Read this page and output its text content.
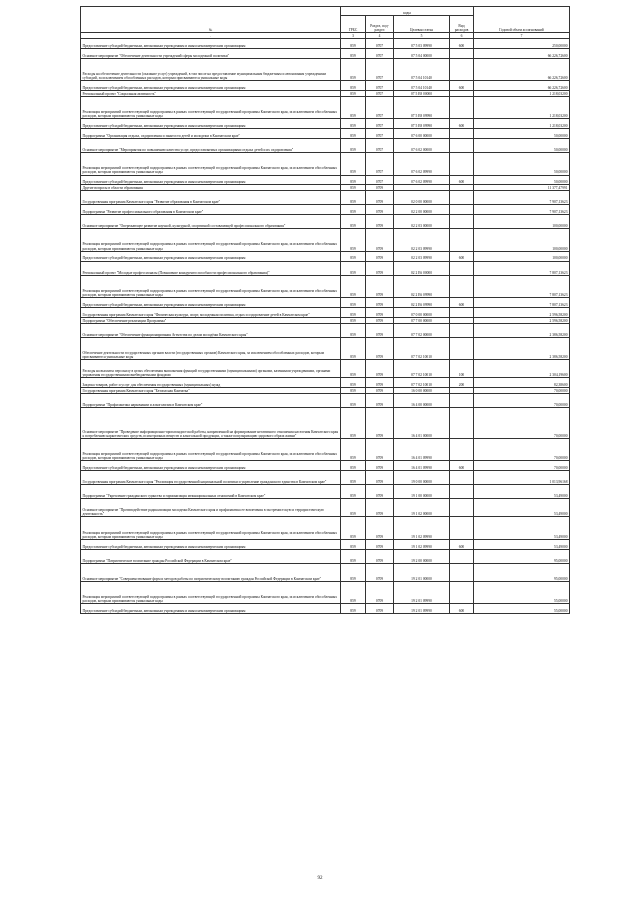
№	коды				Годовой объем ассигнований
	ГРБС	Раздел, под-раздел	Целевая статья	Вид расходов	
.	3	4	5	6	7
Предоставление субсидий бюджетным, автономным учреждениям и иным некоммерческим организациям	859	0707	07 5 03 09990	600	250,00000
Основное мероприятие "Обеспечение деятельности учреждений сферы молодежной политики"	859	0707	07 5 04 00000		66 226,72600
Расходы на обеспечение деятельности (оказание услуг) учреждений, в том числе на предоставление муниципальным бюджетным и автономным учреждениям субсидий, за исключением обособленных расходов, которым присваиваются уникальные коды	859	0707	07 5 04 10140		66 226,72600
Предоставление субсидий бюджетным, автономным учреждениям и иным некоммерческим организациям	859	0707	07 5 04 10140	600	66 226,72600
Региональный проект "Социальная активность"	859	0707	07 5 E8 00000		1 218,03200
Реализация мероприятий соответствующей подпрограммы в рамках соответствующей государственной программы Камчатского края, за исключением обособленных расходов, которым присваиваются уникальные коды	859	0707	07 5 E8 09990		1 218,03200
Предоставление субсидий бюджетным, автономным учреждениям и иным некоммерческим организациям	859	0707	07 5 E8 09990	600	1 218,03200
Подпрограмма "Организация отдыха, оздоровления и занятости детей и молодежи в Камчатском крае"	859	0707	07 6 00 00000		50,00000
Основное мероприятие "Мероприятия по повышению качества услуг, предоставляемых организациями отдыха детей и их оздоровления"	859	0707	07 6 02 00000		50,00000
Реализация мероприятий соответствующей подпрограммы в рамках соответствующей государственной программы Камчатского края, за исключением обособленных расходов, которым присваиваются уникальные коды	859	0707	07 6 02 09990		50,00000
Предоставление субсидий бюджетным, автономным учреждениям и иным некоммерческим организациям	859	0707	07 6 02 09990	600	50,00000
Другие вопросы в области образования	859	0709			11 377,47991
Государственная программа Камчатского края "Развитие образования в Камчатском крае"	859	0709	02 0 00 00000		7 907,13623
Подпрограмма "Развитие профессионального образования в Камчатском крае"	859	0709	02 2 00 00000		7 907,13623
Основное мероприятие "Опережающее развитие научной, культурной, спортивной составляющей профессионального образования"	859	0709	02 2 03 00000		100,00000
Реализация мероприятий соответствующей подпрограммы в рамках соответствующей государственной программы Камчатского края, за исключением обособленных расходов, которым присваиваются уникальные коды	859	0709	02 2 03 09990		100,00000
Предоставление субсидий бюджетным, автономным учреждениям и иным некоммерческим организациям	859	0709	02 2 03 09990	600	100,00000
Региональный проект "Молодые профессионалы (Повышение конкурентоспособности профессионального образования)"	859	0709	02 2 E6 00000		7 807,13623
Реализация мероприятий соответствующей подпрограммы в рамках соответствующей государственной программы Камчатского края, за исключением обособленных расходов, которым присваиваются уникальные коды	859	0709	02 2 E6 09990		7 807,13623
Предоставление субсидий бюджетным, автономным учреждениям и иным некоммерческим организациям	859	0709	02 2 E6 09990	600	7 807,13623
Государственная программа Камчатского края "Физическая культура, спорт, молодежная политика, отдых и оздоровление детей в Камчатском крае"	859	0709	07 0 00 00000		2 596,58200
Подпрограмма "Обеспечение реализации Программы"	859	0709	07 7 00 00000		2 596,58200
Основное мероприятие "Обеспечение функционирования Агентства по делам молодёжи Камчатского края"	859	0709	07 7 02 00000		2 386,58200
Обеспечение деятельности государственных органов власти (государственных органов) Камчатского края, за исключением обособленных расходов, которым присваиваются уникальные коды	859	0709	07 7 02 10010		2 386,58200
Расходы на выплаты персоналу в целях обеспечения выполнения функций государственными (муниципальными) органами, казенными учреждениями, органами управления государственными внебюджетными фондами	859	0709	07 7 02 10010	100	2 304,19600
Закупка товаров, работ и услуг для обеспечения государственных (муниципальных) нужд	859	0709	07 7 02 10010	200	82,38600
Государственная программа Камчатского края "Безопасная Камчатка"	859	0709	16 0 00 00000		70,00000
Подпрограмма "Профилактика наркомании и алкоголизма в Камчатском крае"	859	0709	16 4 00 00000		70,00000
Основное мероприятие "Проведение информационно-пропагандистской работы, направленной на формирование негативного отношения населения Камчатского края к потреблению наркотических средств, психотропных веществ и алкогольной продукции, а также популяризацию здорового образа жизни"	859	0709	16 4 01 00000		70,00000
Реализация мероприятий соответствующей подпрограммы в рамках соответствующей государственной программы Камчатского края, за исключением обособленных расходов, которым присваиваются уникальные коды	859	0709	16 4 01 09990		70,00000
Предоставление субсидий бюджетным, автономным учреждениям и иным некоммерческим организациям	859	0709	16 4 01 09990	600	70,00000
Государственная программа Камчатского края "Реализация государственной национальной политики и укрепление гражданского единства в Камчатском крае"	859	0709	19 0 00 00000		1 013,96168
Подпрограмма "Укрепление гражданского единства и гармонизация межнациональных отношений в Камчатском крае"	859	0709	19 1 00 00000		53,49000
Основное мероприятие "Противодействие радикализации молодежи Камчатского края и профилактика ее вовлечения в экстремистскую и террористическую деятельность"	859	0709	19 1 02 00000		53,49000
Реализация мероприятий соответствующей подпрограммы в рамках соответствующей государственной программы Камчатского края, за исключением обособленных расходов, которым присваиваются уникальные коды	859	0709	19 1 02 09990		53,49000
Предоставление субсидий бюджетным, автономным учреждениям и иным некоммерческим организациям	859	0709	19 1 02 09990	600	53,49000
Подпрограмма "Патриотическое воспитание граждан Российской Федерации в Камчатском крае"	859	0709	19 2 00 00000		95,00000
Основное мероприятие "Совершенствование форм и методов работы по патриотическому воспитанию граждан Российской Федерации в Камчатском крае"	859	0709	19 2 01 00000		95,00000
Реализация мероприятий соответствующей подпрограммы в рамках соответствующей государственной программы Камчатского края, за исключением обособленных расходов, которым присваиваются уникальные коды	859	0709	19 2 01 09990		55,00000
Предоставление субсидий бюджетным, автономным учреждениям и иным некоммерческим организациям	859	0709	19 2 01 09990	600	55,00000
92
